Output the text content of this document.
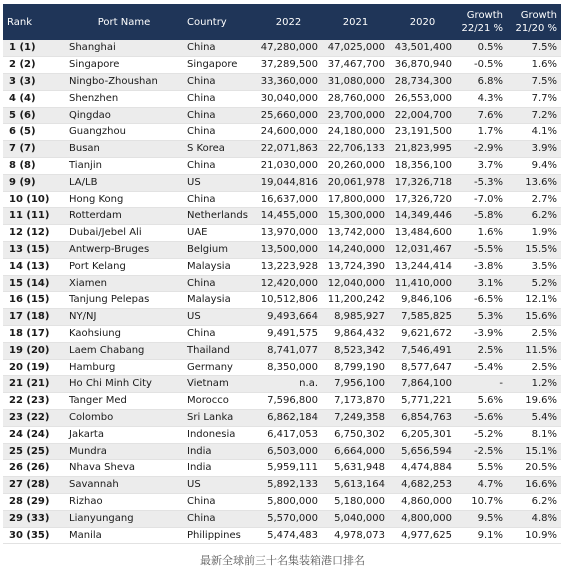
Rank	Port Name	Country	2022	2021	2020	Growth 22/21 %	Growth 21/20 %
1 (1)	Shanghai	China	47,280,000	47,025,000	43,501,400	0.5%	7.5%
2 (2)	Singapore	Singapore	37,289,500	37,467,700	36,870,940	-0.5%	1.6%
3 (3)	Ningbo-Zhoushan	China	33,360,000	31,080,000	28,734,300	6.8%	7.5%
4 (4)	Shenzhen	China	30,040,000	28,760,000	26,553,000	4.3%	7.7%
5 (6)	Qingdao	China	25,660,000	23,700,000	22,004,700	7.6%	7.2%
6 (5)	Guangzhou	China	24,600,000	24,180,000	23,191,500	1.7%	4.1%
7 (7)	Busan	S Korea	22,071,863	22,706,133	21,823,995	-2.9%	3.9%
8 (8)	Tianjin	China	21,030,000	20,260,000	18,356,100	3.7%	9.4%
9 (9)	LA/LB	US	19,044,816	20,061,978	17,326,718	-5.3%	13.6%
10 (10)	Hong Kong	China	16,637,000	17,800,000	17,326,720	-7.0%	2.7%
11 (11)	Rotterdam	Netherlands	14,455,000	15,300,000	14,349,446	-5.8%	6.2%
12 (12)	Dubai/Jebel Ali	UAE	13,970,000	13,742,000	13,484,600	1.6%	1.9%
13 (15)	Antwerp-Bruges	Belgium	13,500,000	14,240,000	12,031,467	-5.5%	15.5%
14 (13)	Port Kelang	Malaysia	13,223,928	13,724,390	13,244,414	-3.8%	3.5%
15 (14)	Xiamen	China	12,420,000	12,040,000	11,410,000	3.1%	5.2%
16 (15)	Tanjung Pelepas	Malaysia	10,512,806	11,200,242	9,846,106	-6.5%	12.1%
17 (18)	NY/NJ	US	9,493,664	8,985,927	7,585,825	5.3%	15.6%
18 (17)	Kaohsiung	China	9,491,575	9,864,432	9,621,672	-3.9%	2.5%
19 (20)	Laem Chabang	Thailand	8,741,077	8,523,342	7,546,491	2.5%	11.5%
20 (19)	Hamburg	Germany	8,350,000	8,799,190	8,577,647	-5.4%	2.5%
21 (21)	Ho Chi Minh City	Vietnam	n.a.	7,956,100	7,864,100	-	1.2%
22 (23)	Tanger Med	Morocco	7,596,800	7,173,870	5,771,221	5.6%	19.6%
23 (22)	Colombo	Sri Lanka	6,862,184	7,249,358	6,854,763	-5.6%	5.4%
24 (24)	Jakarta	Indonesia	6,417,053	6,750,302	6,205,301	-5.2%	8.1%
25 (25)	Mundra	India	6,503,000	6,664,000	5,656,594	-2.5%	15.1%
26 (26)	Nhava Sheva	India	5,959,111	5,631,948	4,474,884	5.5%	20.5%
27 (28)	Savannah	US	5,892,133	5,613,164	4,682,253	4.7%	16.6%
28 (29)	Rizhao	China	5,800,000	5,180,000	4,860,000	10.7%	6.2%
29 (33)	Lianyungang	China	5,570,000	5,040,000	4,800,000	9.5%	4.8%
30 (35)	Manila	Philippines	5,474,483	4,978,073	4,977,625	9.1%	10.9%
最新全球前三十名集装箱港口排名
